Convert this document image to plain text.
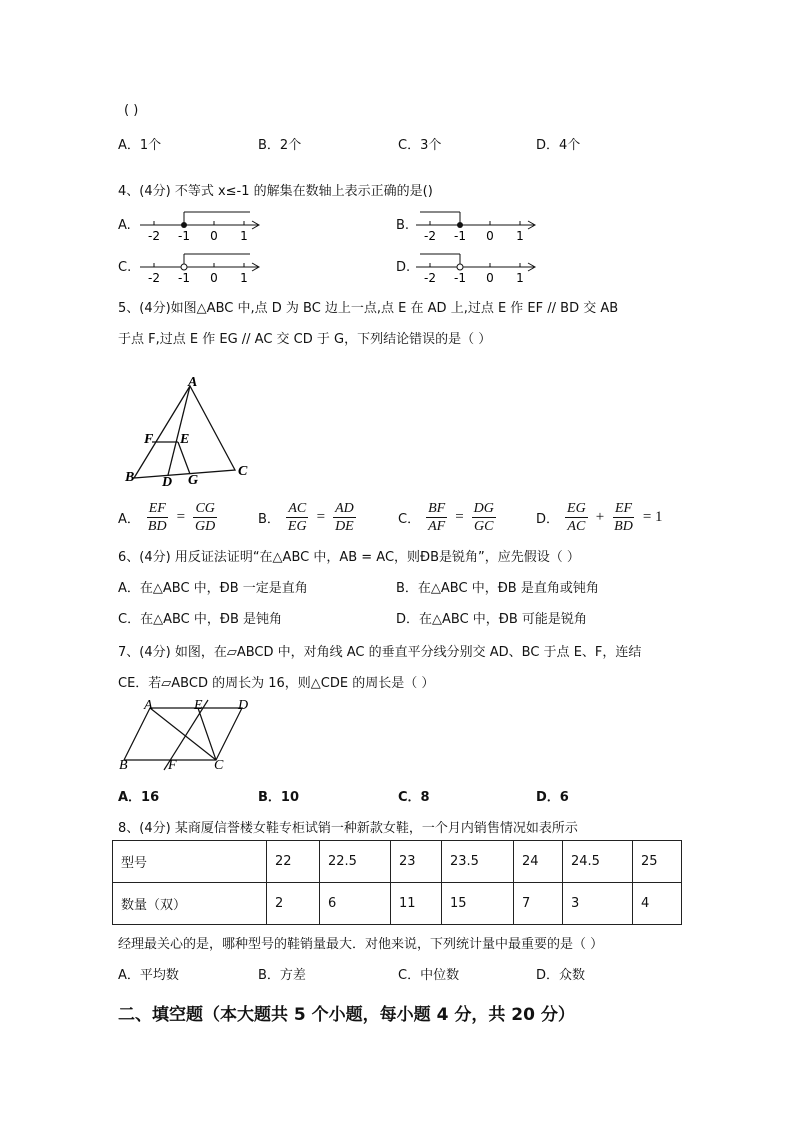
( )
A．1个	B．2个	C．3个	D．4个
4、(4分) 不等式 x≤-1 的解集在数轴上表示正确的是()
A.
-2 -1 0 1
B.
-2 -1 0 1
C.
-2 -1 0 1
D.
-2 -1 0 1
5、(4分)如图△ABC 中,点 D 为 BC 边上一点,点 E 在 AD 上,过点 E 作 EF // BD 交 AB
于点 F,过点 E 作 EG // AC 交 CD 于 G，下列结论错误的是（ ）
A
F E
B	C
D G
A． $\frac{EF}{BD} = \frac{CG}{GD}$	B． $\frac{AC}{EG} = \frac{AD}{DE}$	C． $\frac{BF}{AF} = \frac{DG}{GC}$	D． $\frac{EG}{AC} + \frac{EF}{BD} = 1$
6、(4分) 用反证法证明“在△ABC 中，AB = AC，则ÐB是锐角”，应先假设（ ）
A．在△ABC 中，ÐB 一定是直角	B．在△ABC 中，ÐB 是直角或钝角
C．在△ABC 中，ÐB 是钝角	D．在△ABC 中，ÐB 可能是锐角
7、(4分) 如图，在▱ABCD 中，对角线 AC 的垂直平分线分别交 AD、BC 于点 E、F，连结
CE．若▱ABCD 的周长为 16，则△CDE 的周长是（ ）
A	E	D
B	F	C
A．16	B．10	C．8	D．6
8、(4分) 某商厦信誉楼女鞋专柜试销一种新款女鞋，一个月内销售情况如表所示
型号	22	22.5	23	23.5	24	24.5	25
数量（双）	2	6	11	15	7	3	4
经理最关心的是，哪种型号的鞋销量最大．对他来说，下列统计量中最重要的是（ ）
A．平均数	B．方差	C．中位数	D．众数
二、填空题（本大题共 5 个小题，每小题 4 分，共 20 分）
